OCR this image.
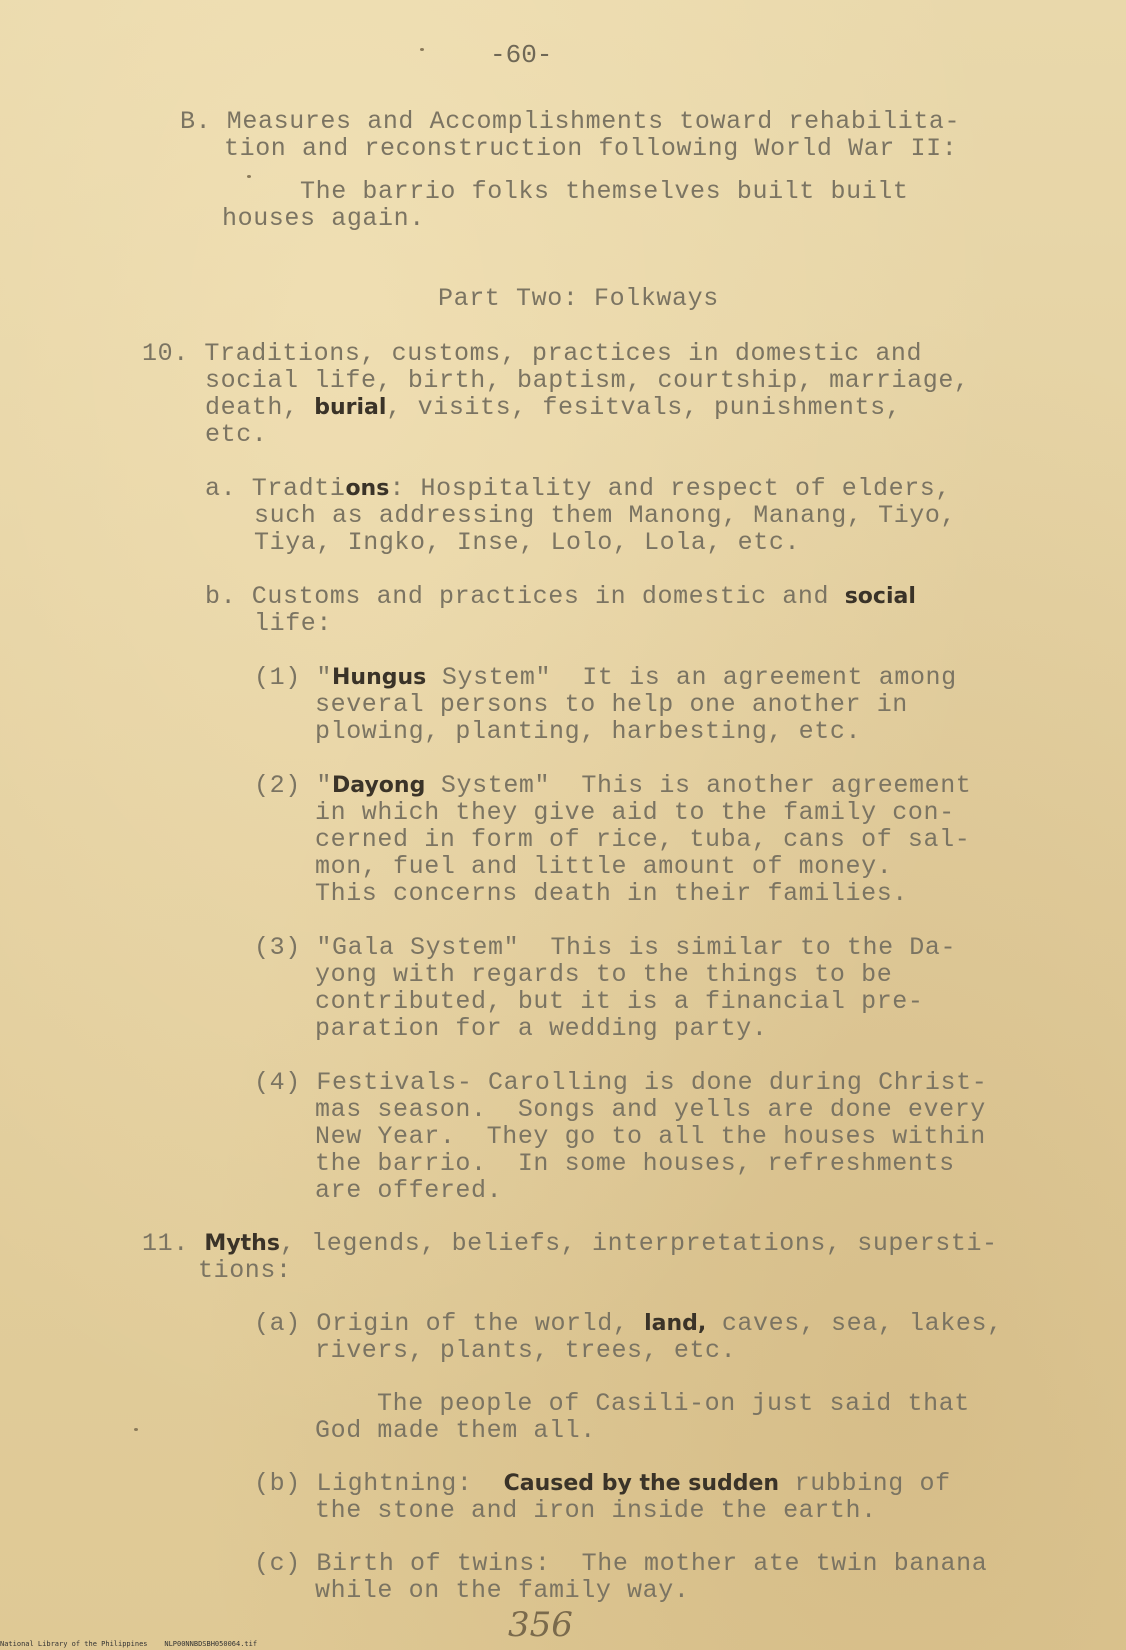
-60-
B. Measures and Accomplishments toward rehabilita-
tion and reconstruction following World War II:
The barrio folks themselves built built
houses again.
Part Two: Folkways
10. Traditions, customs, practices in domestic and
social life, birth, baptism, courtship, marriage,
death, burial, visits, fesitvals, punishments,
etc.
a. Tradtions: Hospitality and respect of elders,
such as addressing them Manong, Manang, Tiyo,
Tiya, Ingko, Inse, Lolo, Lola, etc.
b. Customs and practices in domestic and social
life:
(1) "Hungus System"  It is an agreement among
several persons to help one another in
plowing, planting, harbesting, etc.
(2) "Dayong System"  This is another agreement
in which they give aid to the family con-
cerned in form of rice, tuba, cans of sal-
mon, fuel and little amount of money.
This concerns death in their families.
(3) "Gala System"  This is similar to the Da-
yong with regards to the things to be
contributed, but it is a financial pre-
paration for a wedding party.
(4) Festivals- Carolling is done during Christ-
mas season.  Songs and yells are done every
New Year.  They go to all the houses within
the barrio.  In some houses, refreshments
are offered.
11. Myths, legends, beliefs, interpretations, supersti-
tions:
(a) Origin of the world, land, caves, sea, lakes,
rivers, plants, trees, etc.
The people of Casili-on just said that
God made them all.
(b) Lightning:  Caused by the sudden rubbing of
the stone and iron inside the earth.
(c) Birth of twins:  The mother ate twin banana
while on the family way.
356
National Library of the Philippines    NLP00NNBDSBH050064.tif
